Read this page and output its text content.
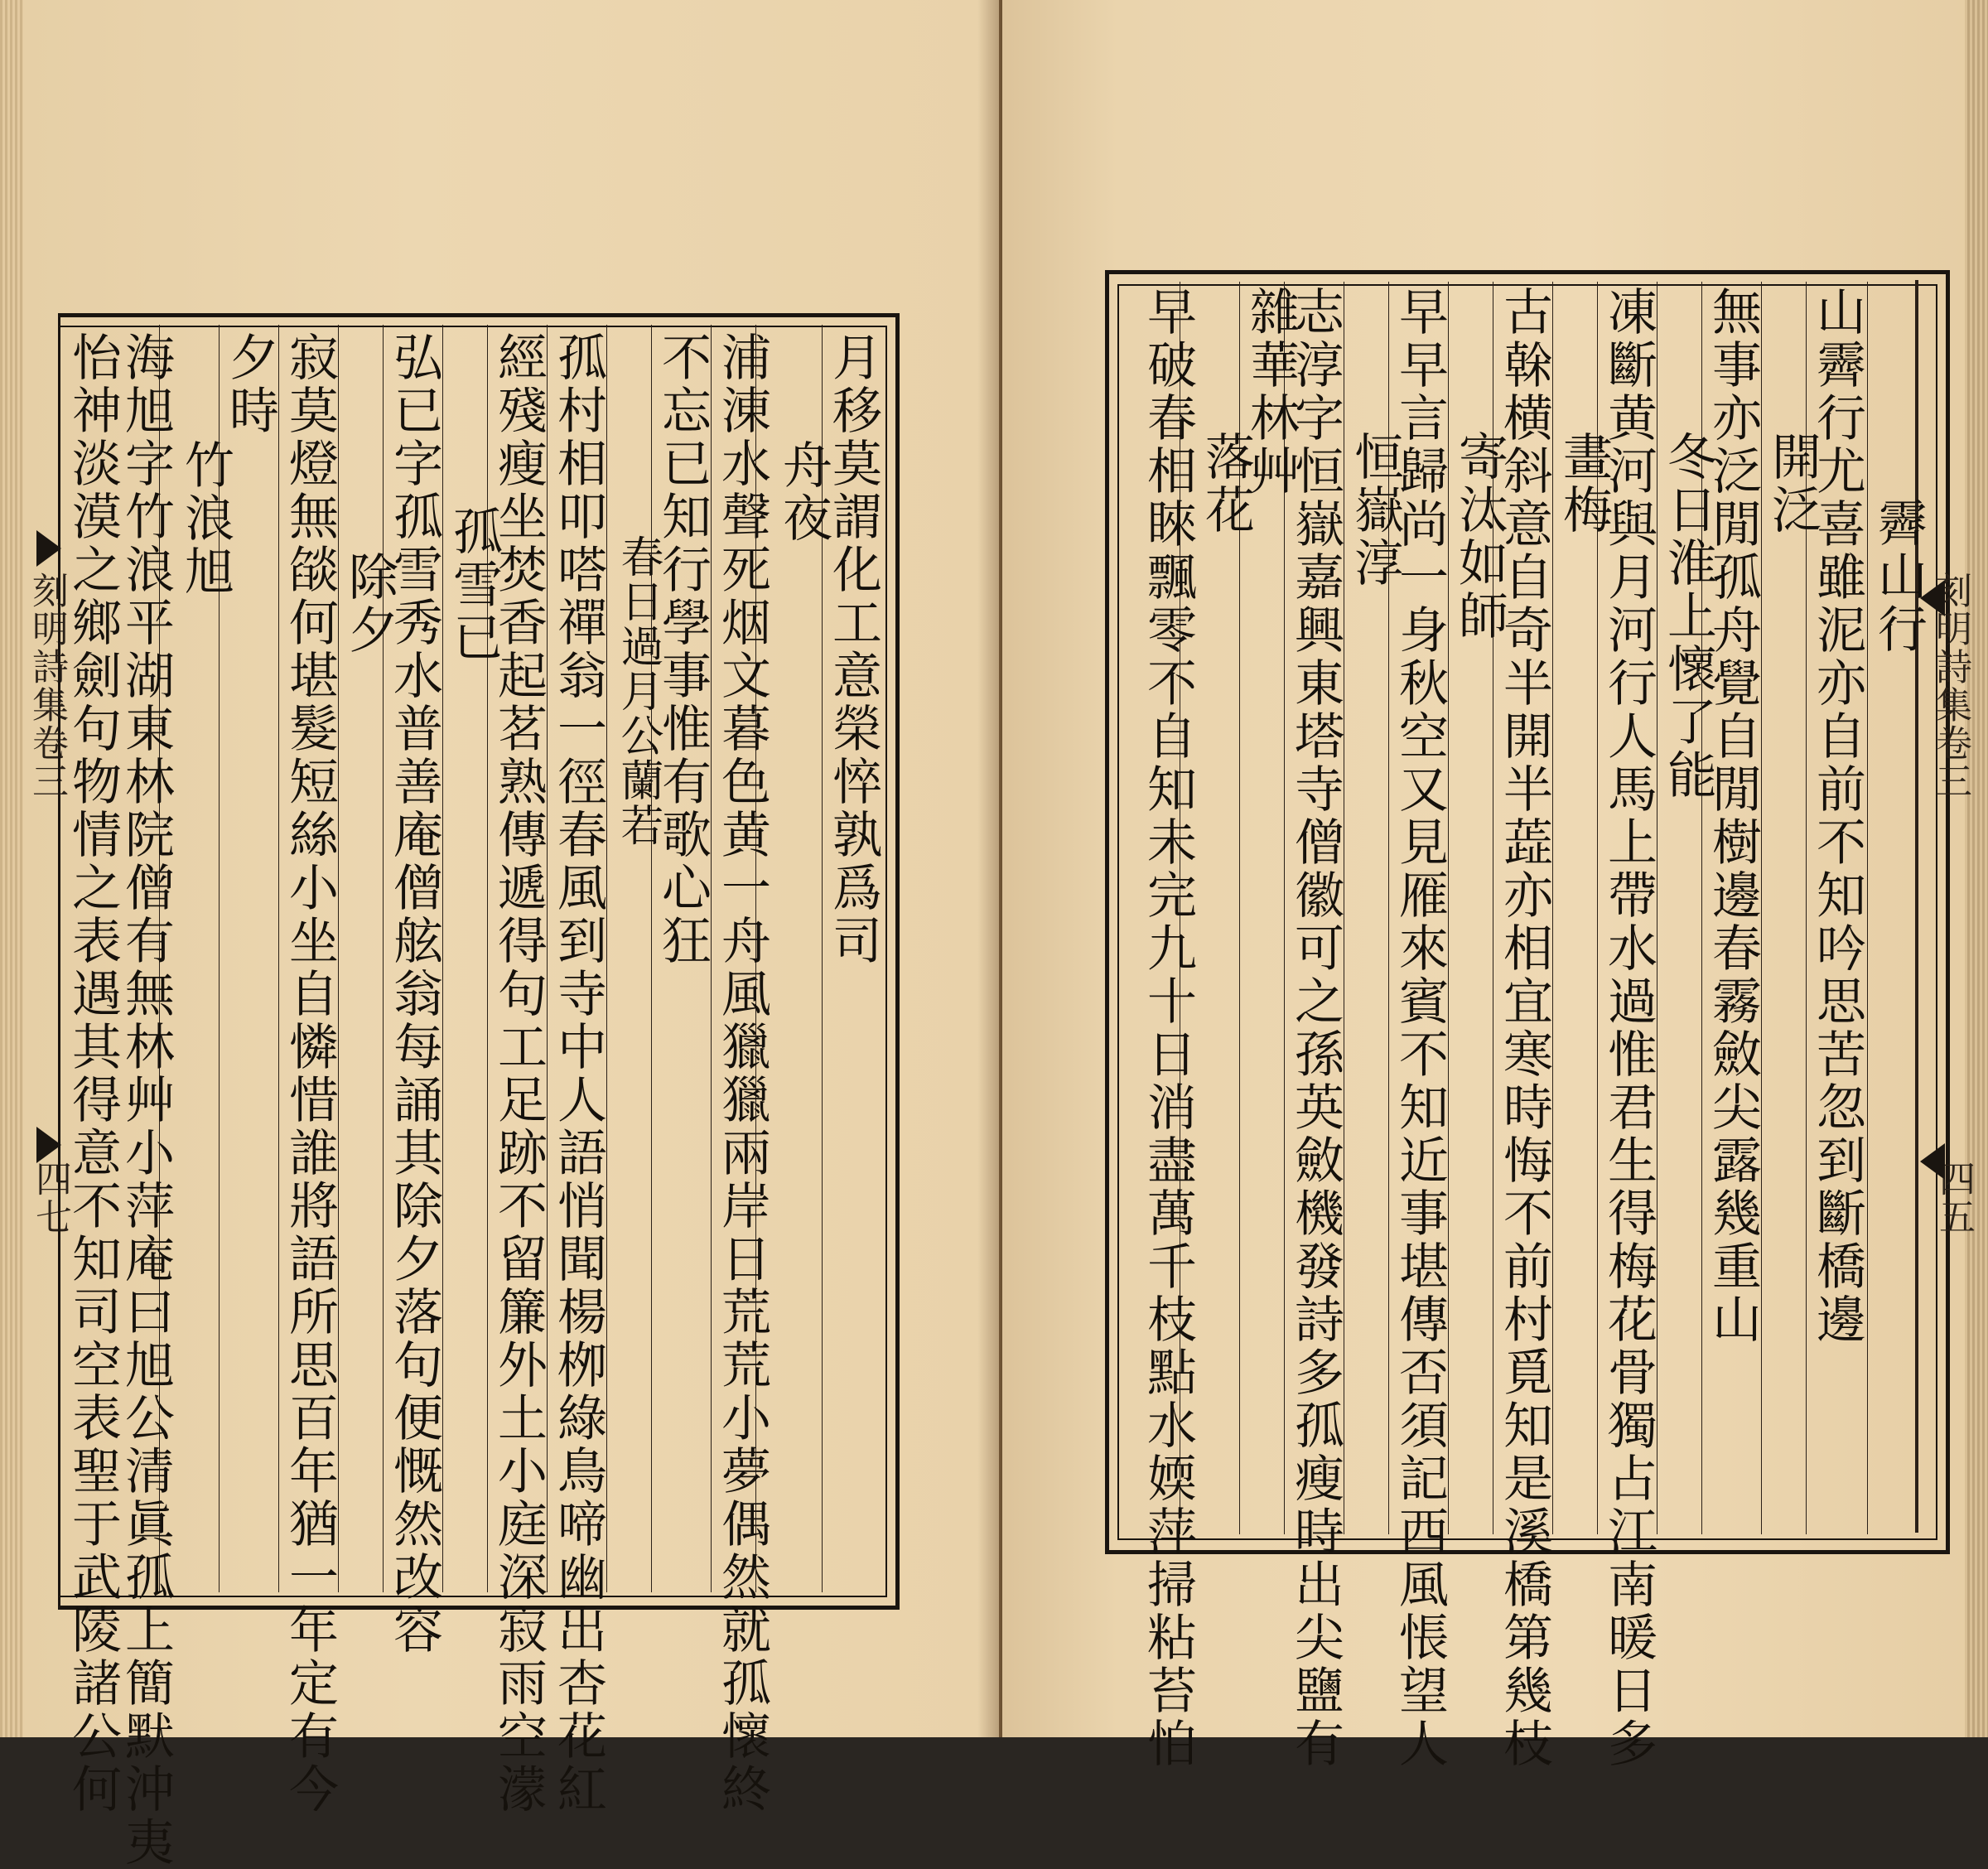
刻明詩集卷三
四七
月移莫謂化工意榮悴孰爲司
舟夜
浦涷水聲死烟文暮色黄一舟風獵獵兩岸日荒荒小夢偶然就孤懷終
不忘已知行學事惟有歌心狂
春日過月公蘭若
孤村相叩嗒禪翁一徑春風到寺中人語悄聞楊栁綠鳥啼幽出杏花紅
經殘瘦坐焚香起茗熟傳遞得句工足跡不留簾外土小庭深寂雨空濛
孤雪已
弘已字孤雪秀水普善庵僧舷翁每誦其除夕落句便慨然改容
除夕
寂莫燈無燄何堪髮短絲小坐自憐惜誰將語所思百年猶一年定有今
夕時
竹浪旭
海旭字竹浪平湖東林院僧有無林艸小萍庵曰旭公清眞孤上簡默沖夷
怡神淡漠之鄉劍句物情之表遇其得意不知司空表聖于武陵諸公何	刻明詩集卷三
四五
霽山行
山霽行尤喜雖泥亦自前不知吟思苦忽到斷橋邊
開泛
無事亦泛閒孤舟覺自閒樹邊春霧斂尖露幾重山
冬日淮上懷了能
凍斷黄河與月河行人馬上帶水過惟君生得梅花骨獨占江南暖日多
畫梅
古榦横斜意自奇半開半蕋亦相宜寒時悔不前村覓知是溪橋第幾枝
寄汰如師
早早言歸尚一身秋空又見雁來賓不知近事堪傳否須記西風悵望人
恒嶽淳
志淳字恒嶽嘉興東塔寺僧徽可之孫英斂機發詩多孤瘦時出尖鹽有
雜華林艸
落花
早破春相睞飄零不自知未完九十日消盡萬千枝點水媆萍掃粘苔怕
